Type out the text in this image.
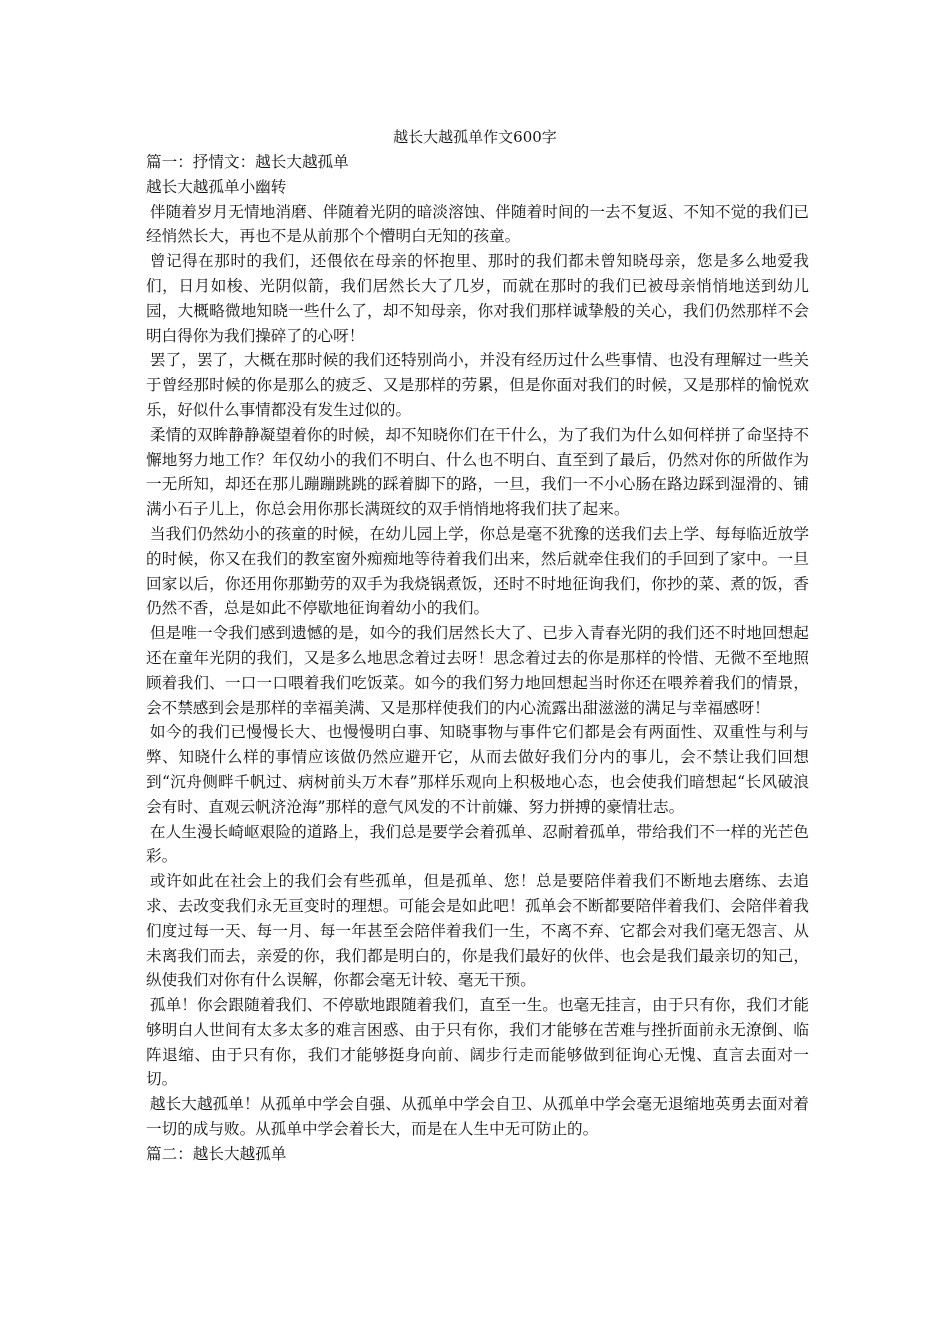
越长大越孤单作文600字

篇一：抒情文：越长大越孤单

越长大越孤单小幽转

伴随着岁月无情地消磨、伴随着光阴的暗淡溶蚀、伴随着时间的一去不复返、不知不觉的我们已经悄然长大，再也不是从前那个个懵明白无知的孩童。

曾记得在那时的我们，还偎依在母亲的怀抱里、那时的我们都未曾知晓母亲，您是多么地爱我们，日月如梭、光阴似箭，我们居然长大了几岁，而就在那时的我们已被母亲悄悄地送到幼儿园，大概略微地知晓一些什么了，却不知母亲，你对我们那样诚挚般的关心，我们仍然那样不会明白得你为我们操碎了的心呀！

罢了，罢了，大概在那时候的我们还特别尚小，并没有经历过什么些事情、也没有理解过一些关于曾经那时候的你是那么的疲乏、又是那样的劳累，但是你面对我们的时候，又是那样的愉悦欢乐，好似什么事情都没有发生过似的。

柔情的双眸静静凝望着你的时候，却不知晓你们在干什么，为了我们为什么如何样拼了命坚持不懈地努力地工作？年仅幼小的我们不明白、什么也不明白、直至到了最后，仍然对你的所做作为一无所知，却还在那儿蹦蹦跳跳的踩着脚下的路，一旦，我们一不小心肠在路边踩到湿滑的、铺满小石子儿上，你总会用你那长满斑纹的双手悄悄地将我们扶了起来。

当我们仍然幼小的孩童的时候，在幼儿园上学，你总是毫不犹豫的送我们去上学、每每临近放学的时候，你又在我们的教室窗外痴痴地等待着我们出来，然后就牵住我们的手回到了家中。一旦回家以后，你还用你那勤劳的双手为我烧锅煮饭，还时不时地征询我们，你抄的菜、煮的饭，香仍然不香，总是如此不停歇地征询着幼小的我们。

但是唯一令我们感到遗憾的是，如今的我们居然长大了、已步入青春光阴的我们还不时地回想起还在童年光阴的我们，又是多么地思念着过去呀！思念着过去的你是那样的怜惜、无微不至地照顾着我们、一口一口喂着我们吃饭菜。如今的我们努力地回想起当时你还在喂养着我们的情景，会不禁感到会是那样的幸福美满、又是那样使我们的内心流露出甜滋滋的满足与幸福感呀！

如今的我们已慢慢长大、也慢慢明白事、知晓事物与事件它们都是会有两面性、双重性与利与弊、知晓什么样的事情应该做仍然应避开它，从而去做好我们分内的事儿，会不禁让我们回想到“沉舟侧畔千帆过、病树前头万木春”那样乐观向上积极地心态，也会使我们暗想起“长风破浪会有时、直观云帆济沧海”那样的意气风发的不计前嫌、努力拼搏的豪情壮志。

在人生漫长崎岖艰险的道路上，我们总是要学会着孤单、忍耐着孤单，带给我们不一样的光芒色彩。

或许如此在社会上的我们会有些孤单，但是孤单、您！总是要陪伴着我们不断地去磨练、去追求、去改变我们永无亘变时的理想。可能会是如此吧！孤单会不断都要陪伴着我们、会陪伴着我们度过每一天、每一月、每一年甚至会陪伴着我们一生，不离不弃、它都会对我们毫无怨言、从未离我们而去，亲爱的你，我们都是明白的，你是我们最好的伙伴、也会是我们最亲切的知己，纵使我们对你有什么误解，你都会毫无计较、毫无干预。

孤单！你会跟随着我们、不停歇地跟随着我们，直至一生。也毫无挂言，由于只有你，我们才能够明白人世间有太多太多的难言困惑、由于只有你，我们才能够在苦难与挫折面前永无潦倒、临阵退缩、由于只有你，我们才能够挺身向前、阔步行走而能够做到征询心无愧、直言去面对一切。

越长大越孤单！从孤单中学会自强、从孤单中学会自卫、从孤单中学会毫无退缩地英勇去面对着一切的成与败。从孤单中学会着长大，而是在人生中无可防止的。

篇二：越长大越孤单
